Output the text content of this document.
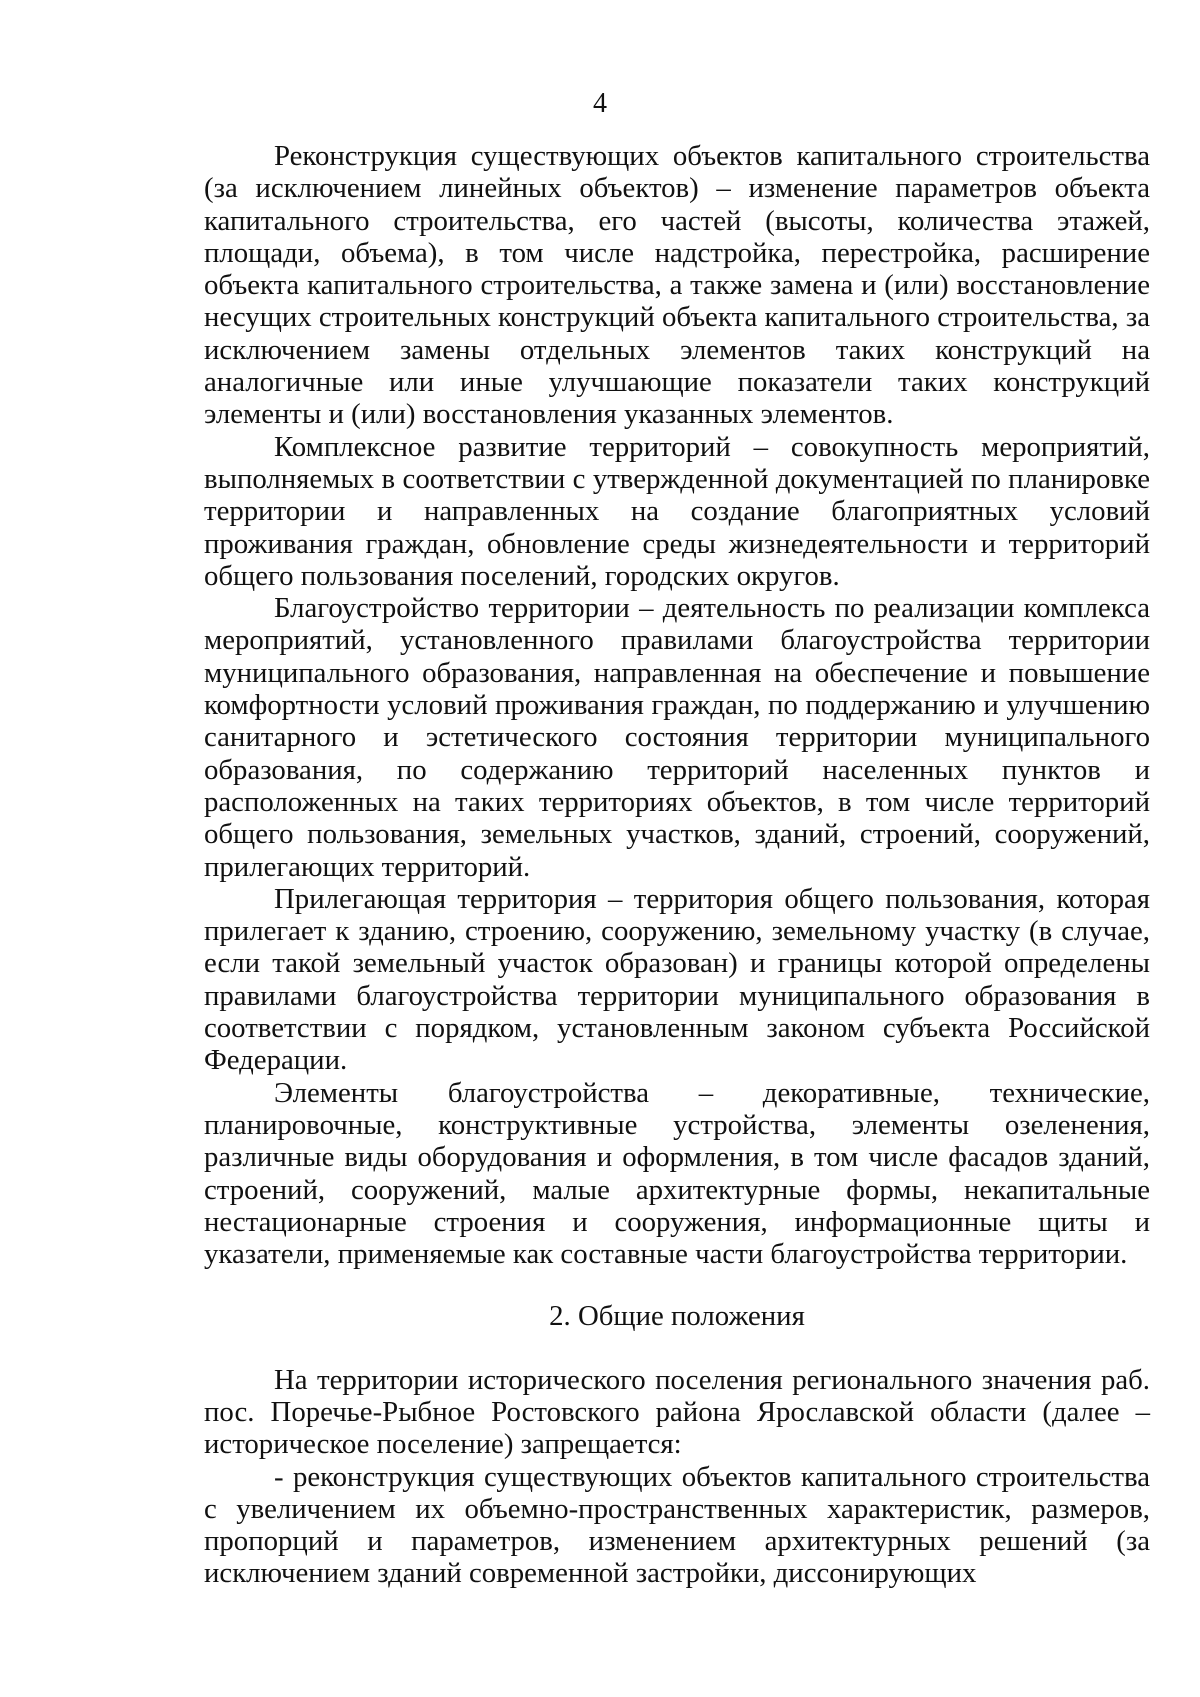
4

Реконструкция существующих объектов капитального строительства (за исключением линейных объектов) – изменение параметров объекта капитального строительства, его частей (высоты, количества этажей, площади, объема), в том числе надстройка, перестройка, расширение объекта капитального строительства, а также замена и (или) восстановление несущих строительных конструкций объекта капитального строительства, за исключением замены отдельных элементов таких конструкций на аналогичные или иные улучшающие показатели таких конструкций элементы и (или) восстановления указанных элементов.

Комплексное развитие территорий – совокупность мероприятий, выполняемых в соответствии с утвержденной документацией по планировке территории и направленных на создание благоприятных условий проживания граждан, обновление среды жизнедеятельности и территорий общего пользования поселений, городских округов.

Благоустройство территории – деятельность по реализации комплекса мероприятий, установленного правилами благоустройства территории муниципального образования, направленная на обеспечение и повышение комфортности условий проживания граждан, по поддержанию и улучшению санитарного и эстетического состояния территории муниципального образования, по содержанию территорий населенных пунктов и расположенных на таких территориях объектов, в том числе территорий общего пользования, земельных участков, зданий, строений, сооружений, прилегающих территорий.

Прилегающая территория – территория общего пользования, которая прилегает к зданию, строению, сооружению, земельному участку (в случае, если такой земельный участок образован) и границы которой определены правилами благоустройства территории муниципального образования в соответствии с порядком, установленным законом субъекта Российской Федерации.

Элементы благоустройства – декоративные, технические, планировочные, конструктивные устройства, элементы озеленения, различные виды оборудования и оформления, в том числе фасадов зданий, строений, сооружений, малые архитектурные формы, некапитальные нестационарные строения и сооружения, информационные щиты и указатели, применяемые как составные части благоустройства территории.

2. Общие положения

На территории исторического поселения регионального значения раб. пос. Поречье-Рыбное Ростовского района Ярославской области (далее – историческое поселение) запрещается:

- реконструкция существующих объектов капитального строительства с увеличением их объемно-пространственных характеристик, размеров, пропорций и параметров, изменением архитектурных решений (за исключением зданий современной застройки, диссонирующих
